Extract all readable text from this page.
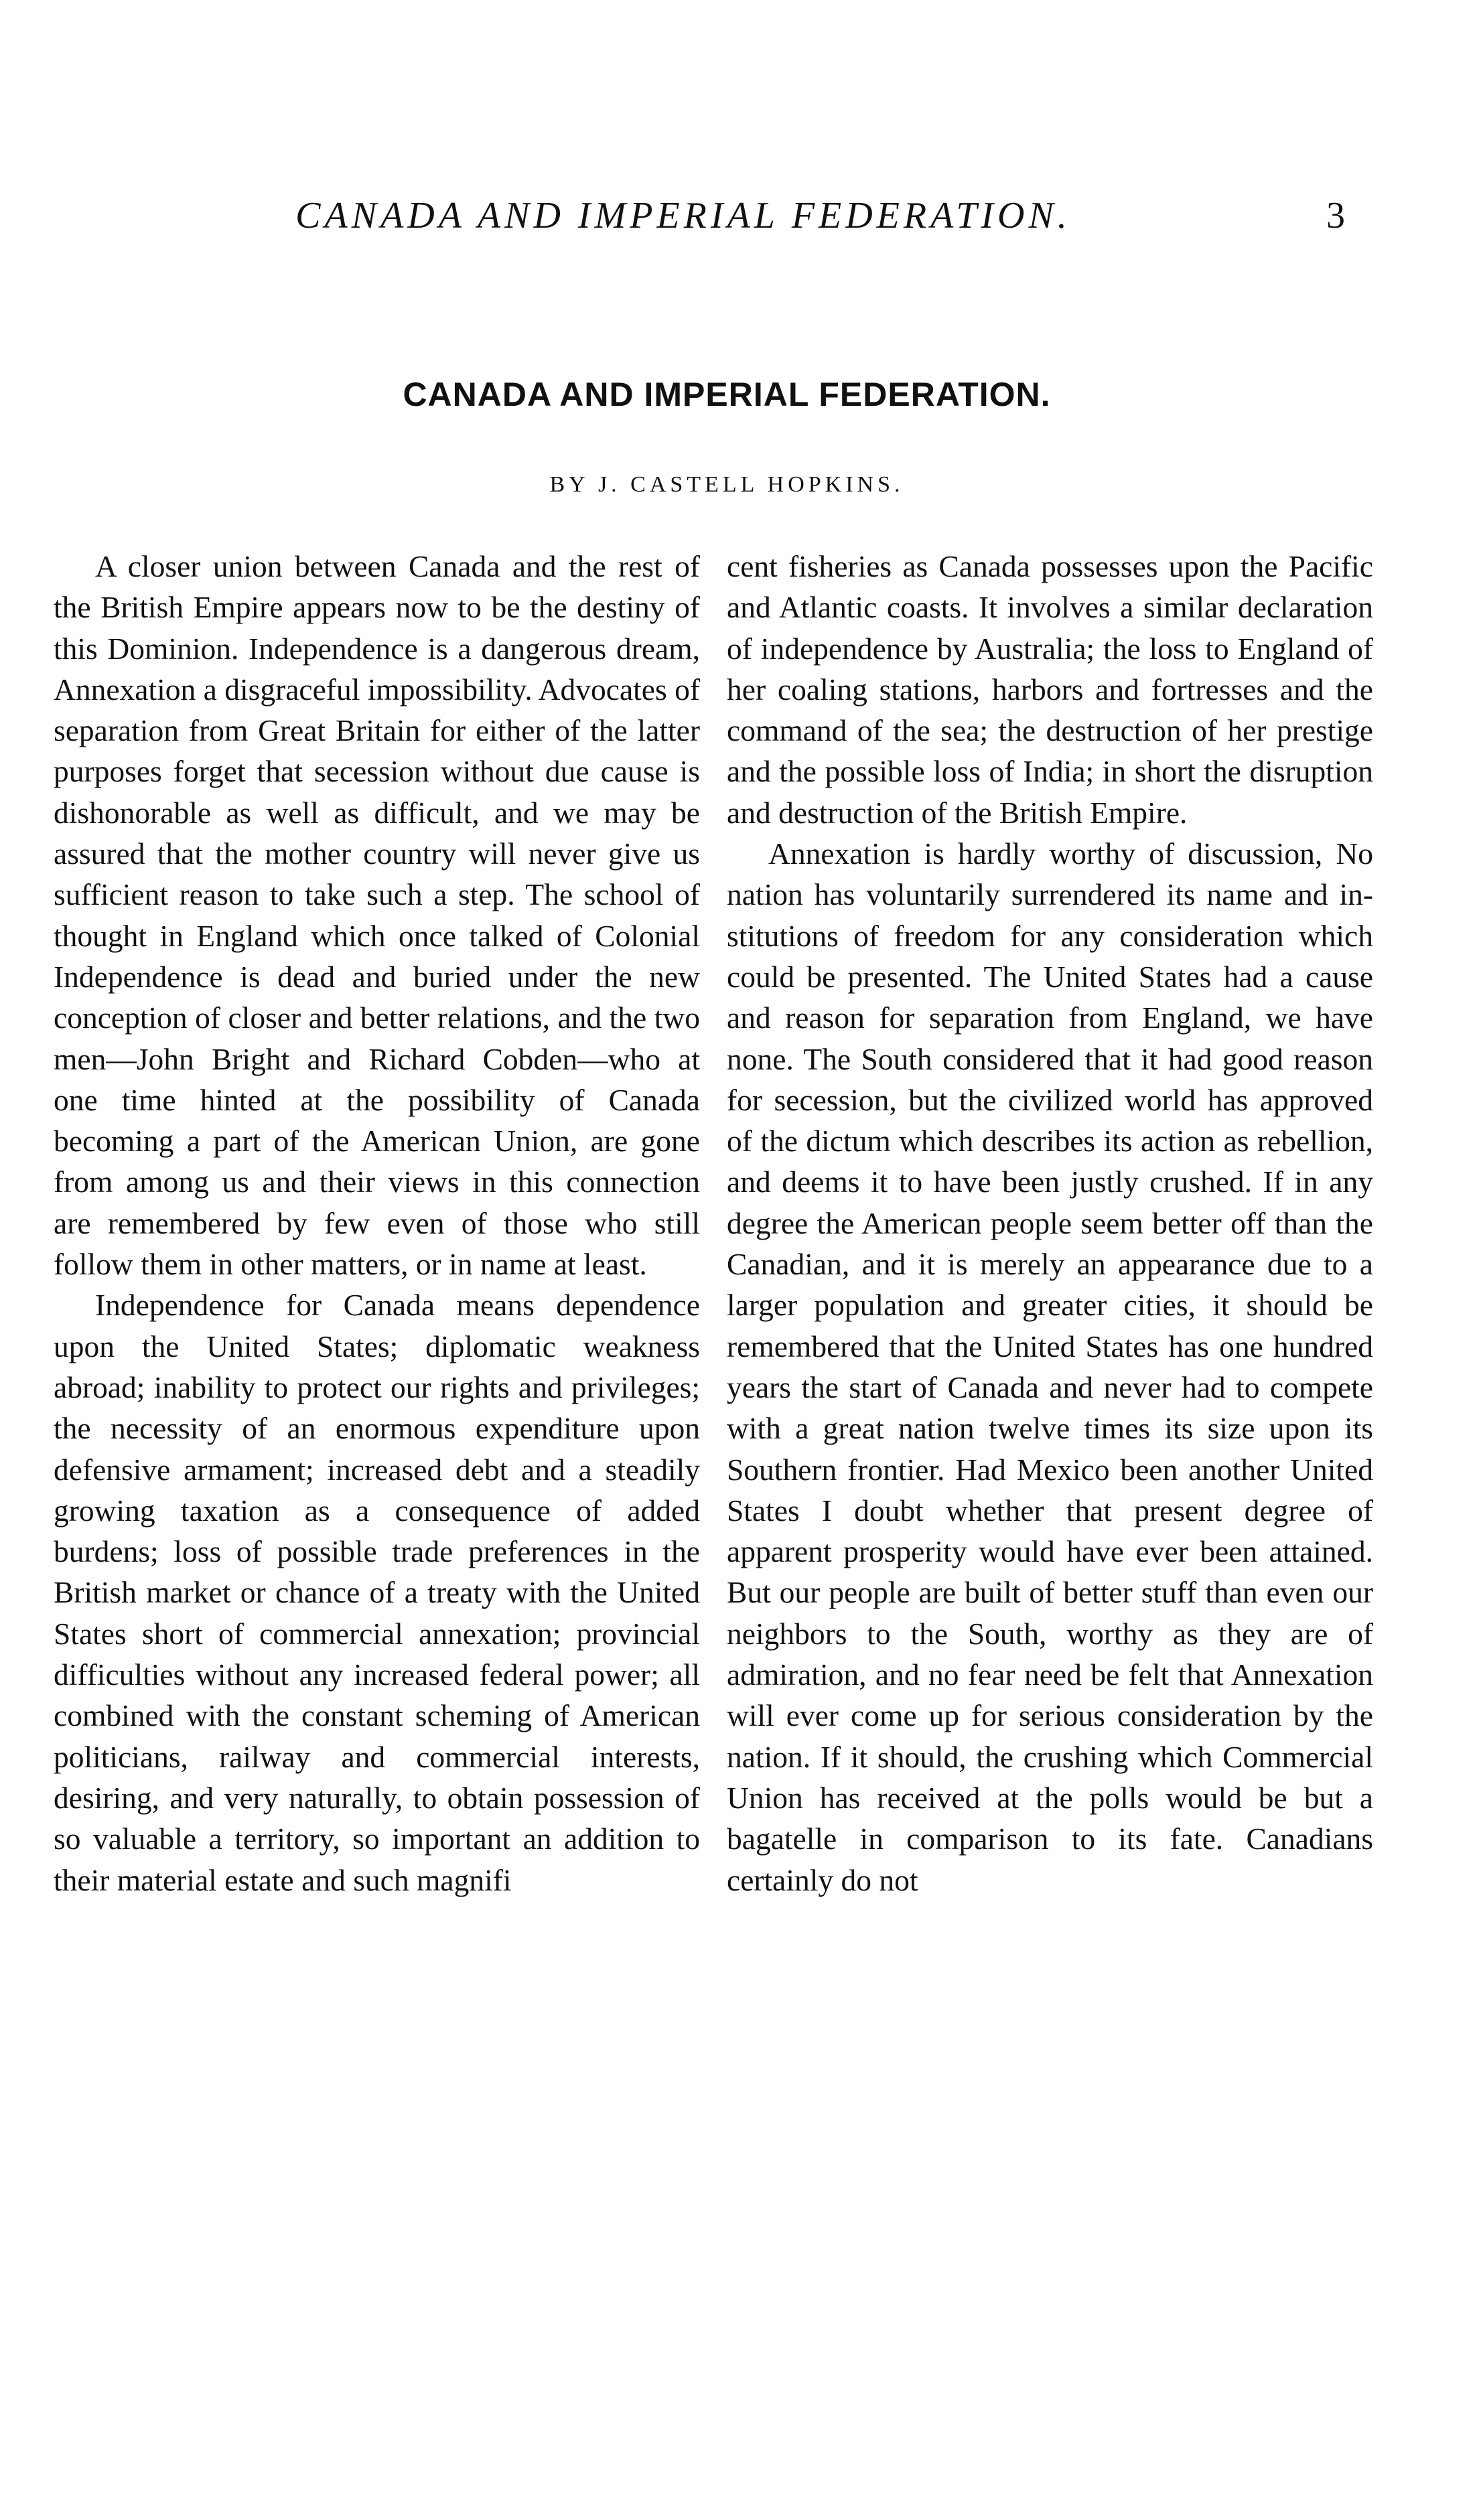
CANADA AND IMPERIAL FEDERATION.	3
CANADA AND IMPERIAL FEDERATION.
BY J. CASTELL HOPKINS.

A closer union between Canada and the rest of the British Empire appears now to be the destiny of this Dominion. Independence is a dangerous dream, Annexation a disgraceful impossibility. Advocates of separation from Great Britain for either of the latter purposes forget that secession without due cause is dishonorable as well as difficult, and we may be assured that the mother country will never give us sufficient reason to take such a step. The school of thought in England which once talked of Colonial Independence is dead and buried under the new conception of closer and better relations, and the two men—John Bright and Richard Cobden—who at one time hinted at the possibility of Canada becoming a part of the American Union, are gone from among us and their views in this connection are remembered by few even of those who still follow them in other matters, or in name at least.

Independence for Canada means dependence upon the United States; diplomatic weakness abroad; inability to protect our rights and privileges; the necessity of an enormous expenditure upon defensive armament; increased debt and a steadily growing taxation as a consequence of added burdens; loss of possible trade preferences in the British market or chance of a treaty with the United States short of commercial annexation; provincial difficulties without any increased federal power; all combined with the constant scheming of American politicians, railway and commercial interests, desiring, and very naturally, to obtain possession of so valuable a territory, so important an addition to their material estate and such magnifi

cent fisheries as Canada possesses upon the Pacific and Atlantic coasts. It involves a similar declaration of independence by Australia; the loss to England of her coaling stations, harbors and fortresses and the command of the sea; the destruction of her prestige and the possible loss of India; in short the disruption and destruction of the British Empire.

Annexation is hardly worthy of discussion, No nation has voluntarily surrendered its name and institutions of freedom for any consideration which could be presented. The United States had a cause and reason for separation from England, we have none. The South considered that it had good reason for secession, but the civilized world has approved of the dictum which describes its action as rebellion, and deems it to have been justly crushed. If in any degree the American people seem better off than the Canadian, and it is merely an appearance due to a larger population and greater cities, it should be remembered that the United States has one hundred years the start of Canada and never had to compete with a great nation twelve times its size upon its Southern frontier. Had Mexico been another United States I doubt whether that present degree of apparent prosperity would have ever been attained. But our people are built of better stuff than even our neighbors to the South, worthy as they are of admiration, and no fear need be felt that Annexation will ever come up for serious consideration by the nation. If it should, the crushing which Commercial Union has received at the polls would be but a bagatelle in comparison to its fate. Canadians certainly do not
